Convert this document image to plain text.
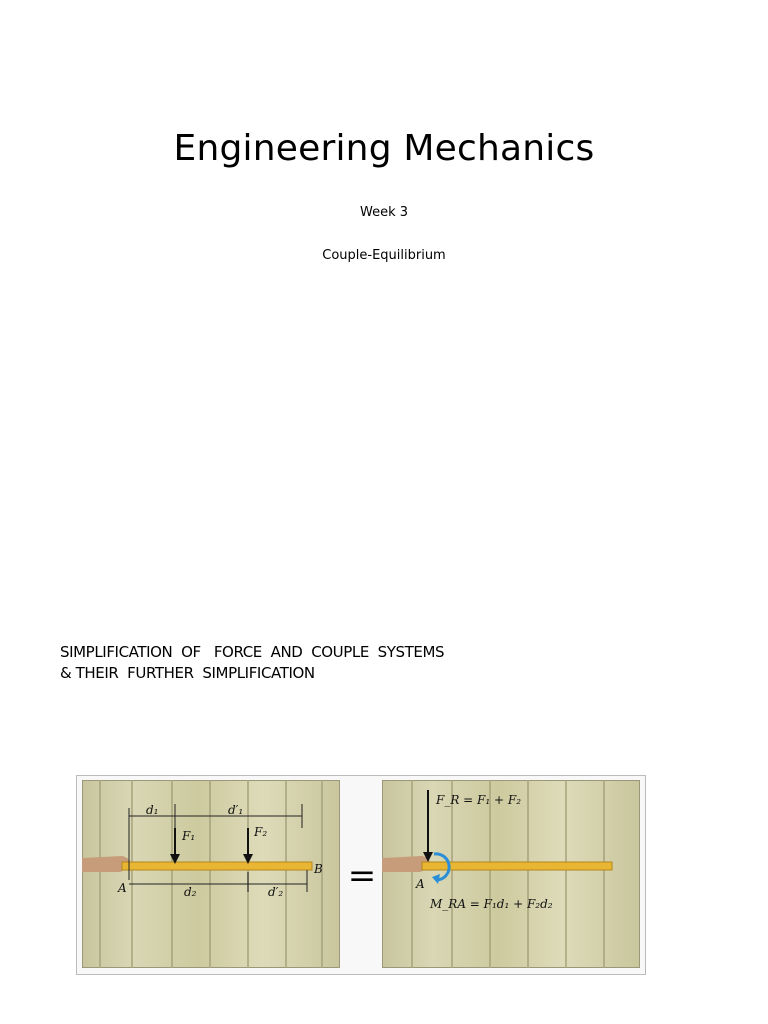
Engineering Mechanics
Week 3
Couple-Equilibrium
SIMPLIFICATION  OF   FORCE  AND  COUPLE  SYSTEMS
& THEIR  FURTHER  SIMPLIFICATION
d₁	d′₁
F₁	F₂
A
B
d₂	d′₂ =
F_R = F₁ + F₂
A
M_RA = F₁d₁ + F₂d₂
